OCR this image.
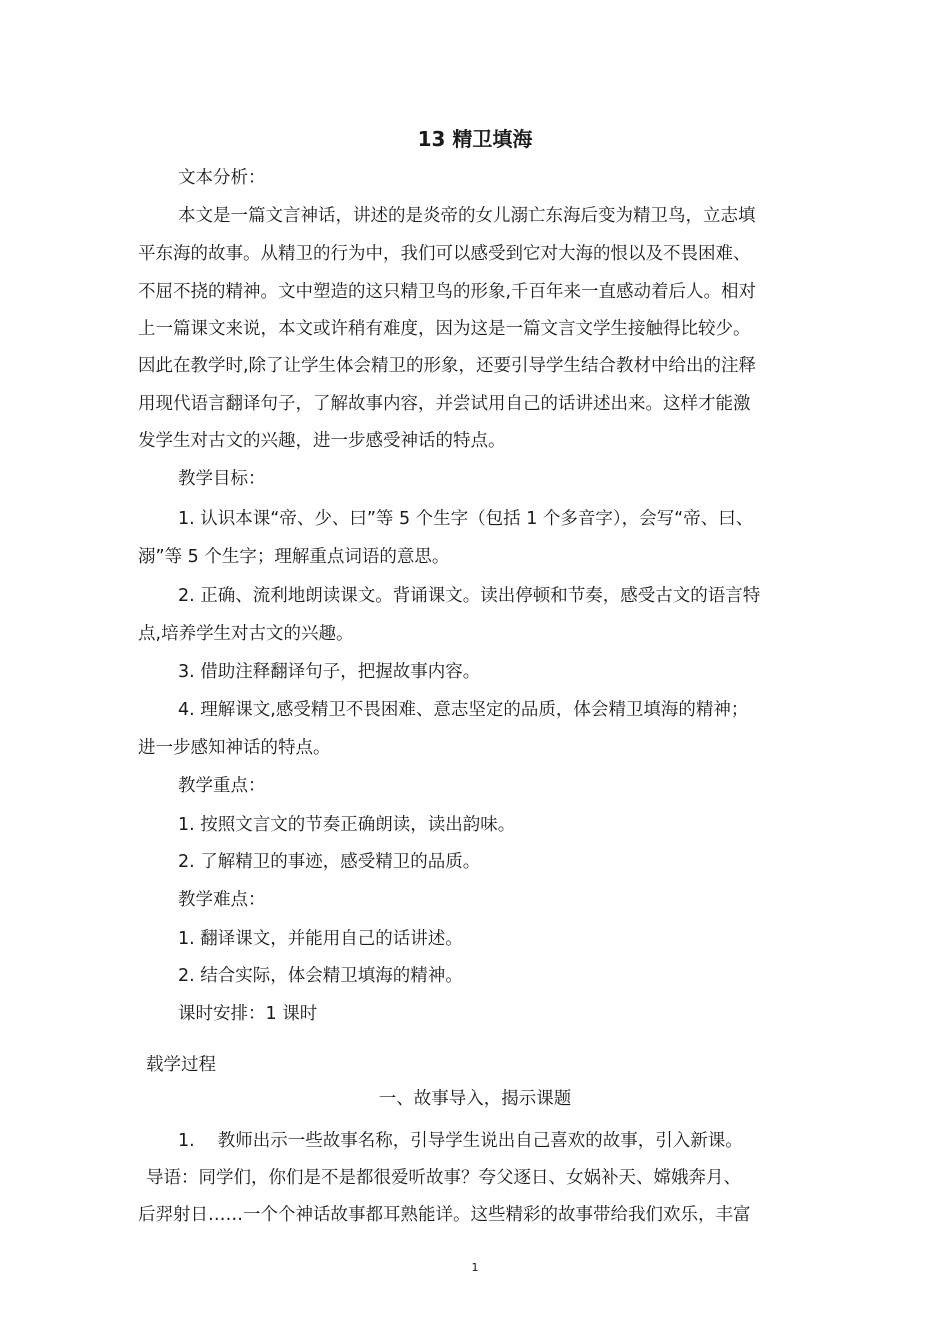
13 精卫填海
文本分析：
本文是一篇文言神话，讲述的是炎帝的女儿溺亡东海后变为精卫鸟，立志填
平东海的故事。从精卫的行为中，我们可以感受到它对大海的恨以及不畏困难、
不屈不挠的精神。文中塑造的这只精卫鸟的形象,千百年来一直感动着后人。相对
上一篇课文来说，本文或许稍有难度，因为这是一篇文言文学生接触得比较少。
因此在教学时,除了让学生体会精卫的形象，还要引导学生结合教材中给出的注释
用现代语言翻译句子，了解故事内容，并尝试用自己的话讲述出来。这样才能激
发学生对古文的兴趣，进一步感受神话的特点。
教学目标：
1. 认识本课“帝、少、曰”等 5 个生字（包括 1 个多音字），会写“帝、曰、
溺”等 5 个生字；理解重点词语的意思。
2. 正确、流利地朗读课文。背诵课文。读出停顿和节奏，感受古文的语言特
点,培养学生对古文的兴趣。
3. 借助注释翻译句子，把握故事内容。
4. 理解课文,感受精卫不畏困难、意志坚定的品质，体会精卫填海的精神；
进一步感知神话的特点。
教学重点：
1. 按照文言文的节奏正确朗读，读出韵味。
2. 了解精卫的事迹，感受精卫的品质。
教学难点：
1. 翻译课文，并能用自己的话讲述。
2. 结合实际，体会精卫填海的精神。
课时安排：1 课时
载学过程
一、故事导入，揭示课题
1.　 教师出示一些故事名称，引导学生说出自己喜欢的故事，引入新课。
导语：同学们，你们是不是都很爱听故事？夸父逐日、女娲补天、嫦娥奔月、
后羿射日……一个个神话故事都耳熟能详。这些精彩的故事带给我们欢乐，丰富
1
